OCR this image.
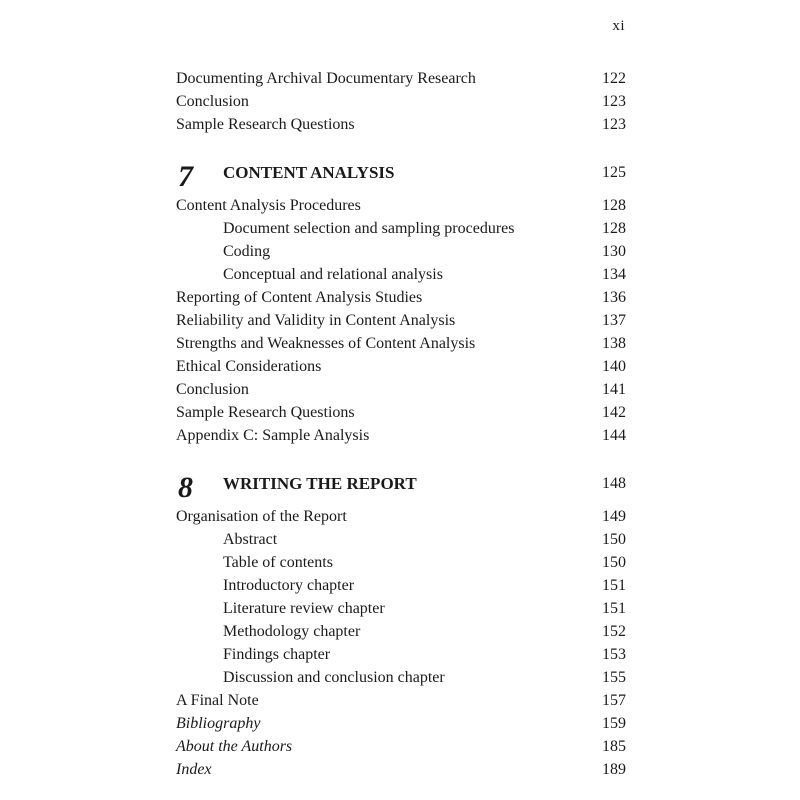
xi
Documenting Archival Documentary Research	122
Conclusion	123
Sample Research Questions	123
7 CONTENT ANALYSIS	125
Content Analysis Procedures	128
Document selection and sampling procedures	128
Coding	130
Conceptual and relational analysis	134
Reporting of Content Analysis Studies	136
Reliability and Validity in Content Analysis	137
Strengths and Weaknesses of Content Analysis	138
Ethical Considerations	140
Conclusion	141
Sample Research Questions	142
Appendix C: Sample Analysis	144
8 WRITING THE REPORT	148
Organisation of the Report	149
Abstract	150
Table of contents	150
Introductory chapter	151
Literature review chapter	151
Methodology chapter	152
Findings chapter	153
Discussion and conclusion chapter	155
A Final Note	157
Bibliography	159
About the Authors	185
Index	189
